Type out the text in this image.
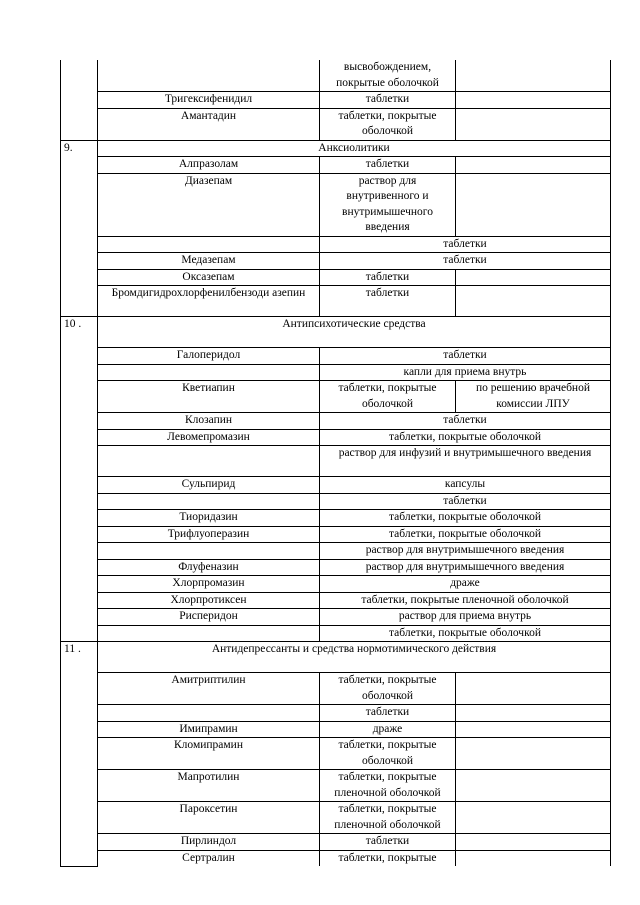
		высвобождением, покрытые оболочкой	
	Тригексифенидил	таблетки	
	Амантадин	таблетки, покрытые оболочкой	
9.	Анксиолитики		
	Алпразолам	таблетки	
	Диазепам	раствор для внутривенного и внутримышечного введения	
		таблетки	
	Медазепам	таблетки	
	Оксазепам	таблетки	
	Бромдигидрохлорфенилбензоди азепин	таблетки	
10 .	Антипсихотические средства		
	Галоперидол	таблетки	
		капли для приема внутрь	
	Кветиапин	таблетки, покрытые оболочкой	по решению врачебной комиссии ЛПУ
	Клозапин	таблетки	
	Левомепромазин	таблетки, покрытые оболочкой	
		раствор для инфузий и внутримышечного введения	
	Сульпирид	капсулы	
		таблетки	
	Тиоридазин	таблетки, покрытые оболочкой	
	Трифлуоперазин	таблетки, покрытые оболочкой	
		раствор для внутримышечного введения	
	Флуфеназин	раствор для внутримышечного введения	
	Хлорпромазин	драже	
	Хлорпротиксен	таблетки, покрытые пленочной оболочкой	
	Рисперидон	раствор для приема внутрь	
		таблетки, покрытые оболочкой	
11 .	Антидепрессанты и средства нормотимического действия		
	Амитриптилин	таблетки, покрытые оболочкой	
		таблетки	
	Имипрамин	драже	
	Кломипрамин	таблетки, покрытые оболочкой	
	Мапротилин	таблетки, покрытые пленочной оболочкой	
	Пароксетин	таблетки, покрытые пленочной оболочкой	
	Пирлиндол	таблетки	
	Сертралин	таблетки, покрытые	
